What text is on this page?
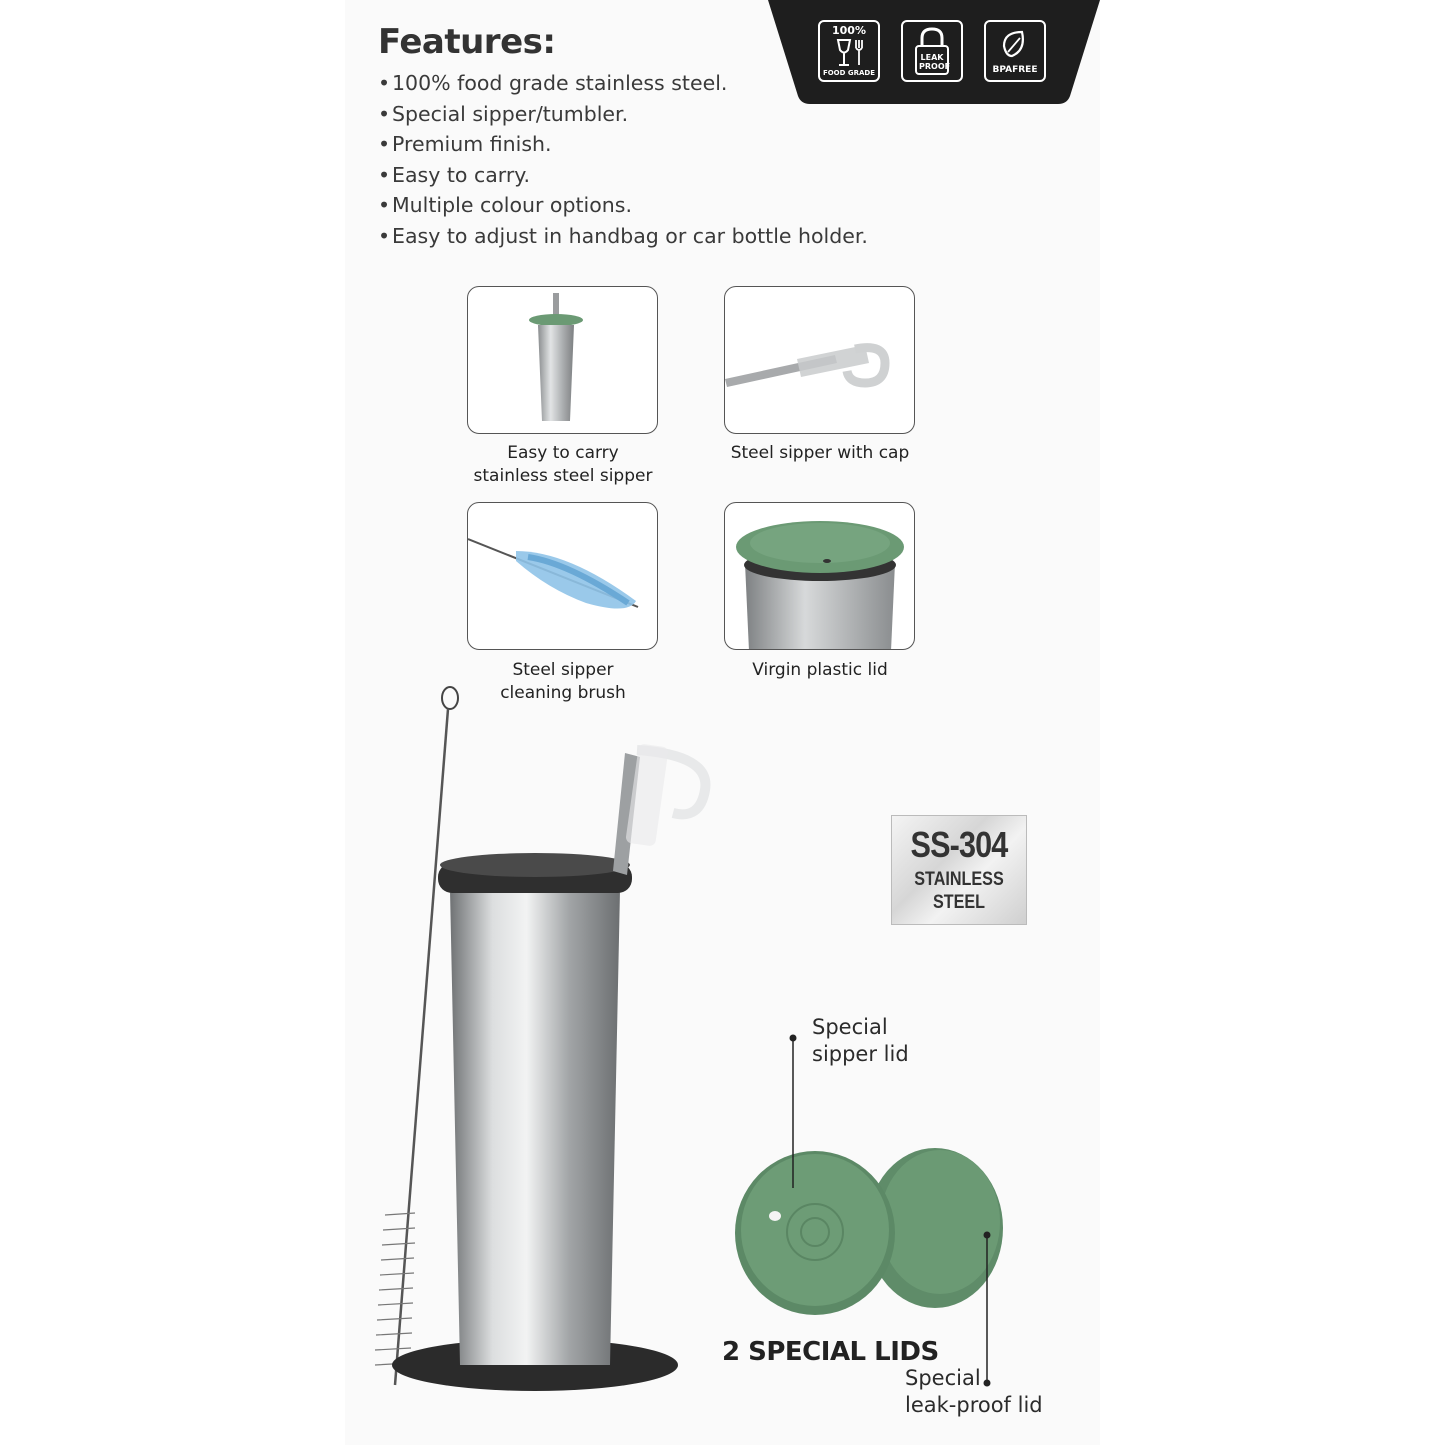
Features:
•100% food grade stainless steel.
•Special sipper/tumbler.
•Premium finish.
•Easy to carry.
•Multiple colour options.
•Easy to adjust in handbag or car bottle holder.
100%
FOOD GRADE
LEAK PROOF	BPAFREE
Easy to carry
stainless steel sipper
Steel sipper with cap
Steel sipper
cleaning brush
Virgin plastic lid
SS-304
STAINLESS
STEEL
Special
sipper lid
2 SPECIAL LIDS
Special
leak-proof lid
